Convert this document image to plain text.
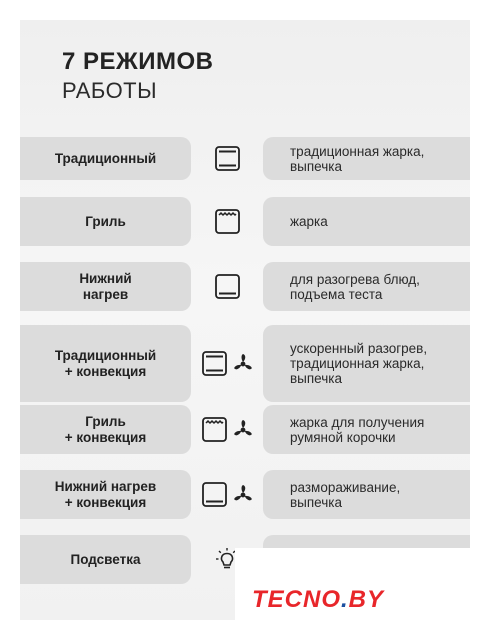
7 РЕЖИМОВ
РАБОТЫ
Традиционный	традиционная жарка,
выпечка
Гриль	жарка
Нижний
нагрев
для разогрева блюд,
подъема теста
Традиционный
+ конвекция
ускоренный разогрев,
традиционная жарка,
выпечка
Гриль
+ конвекция
жарка для получения
румяной корочки
Нижний нагрев
+ конвекция
размораживание,
выпечка
Подсветка
TECNO.BY
